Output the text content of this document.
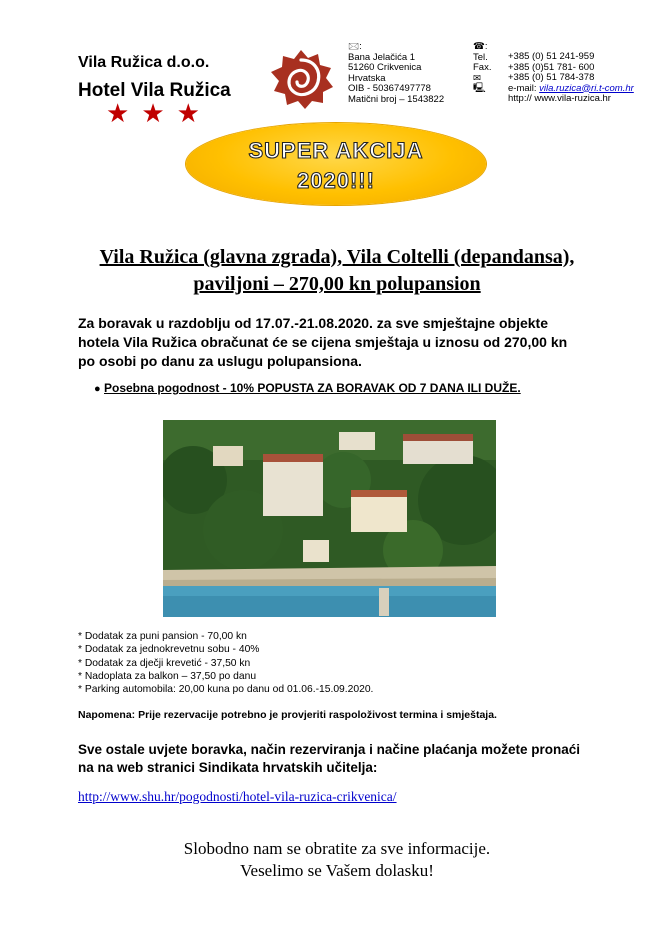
Vila Ružica d.o.o.
Hotel Vila Ružica
★ ★ ★
🖂:
Bana Jelačića 1
51260 Crikvenica
Hrvatska
OIB - 50367497778
Matični broj – 1543822
☎:
Tel.
Fax.
✉
🖳
+385 (0) 51 241-959
+385 (0)51 781- 600
+385 (0) 51 784-378
e-mail: vila.ruzica@ri.t-com.hr
http:// www.vila-ruzica.hr
SUPER AKCIJA
2020!!!
Vila Ružica (glavna zgrada), Vila Coltelli (depandansa), paviljoni – 270,00 kn polupansion
Za boravak u razdoblju od 17.07.-21.08.2020. za sve smještajne objekte hotela Vila Ružica obračunat će se cijena smještaja u iznosu od 270,00 kn po osobi po danu za uslugu polupansiona.
● Posebna pogodnost - 10% POPUSTA ZA BORAVAK OD 7 DANA ILI DUŽE.
* Dodatak za puni pansion - 70,00 kn
* Dodatak za jednokrevetnu sobu - 40%
* Dodatak za dječji krevetić - 37,50 kn
* Nadoplata za balkon – 37,50 po danu
* Parking automobila: 20,00 kuna po danu od 01.06.-15.09.2020.
Napomena: Prije rezervacije potrebno je provjeriti raspoloživost termina i smještaja.
Sve ostale uvjete boravka, način rezerviranja i načine plaćanja možete pronaći na na web stranici Sindikata hrvatskih učitelja:
http://www.shu.hr/pogodnosti/hotel-vila-ruzica-crikvenica/
Slobodno nam se obratite za sve informacije.
Veselimo se Vašem dolasku!
